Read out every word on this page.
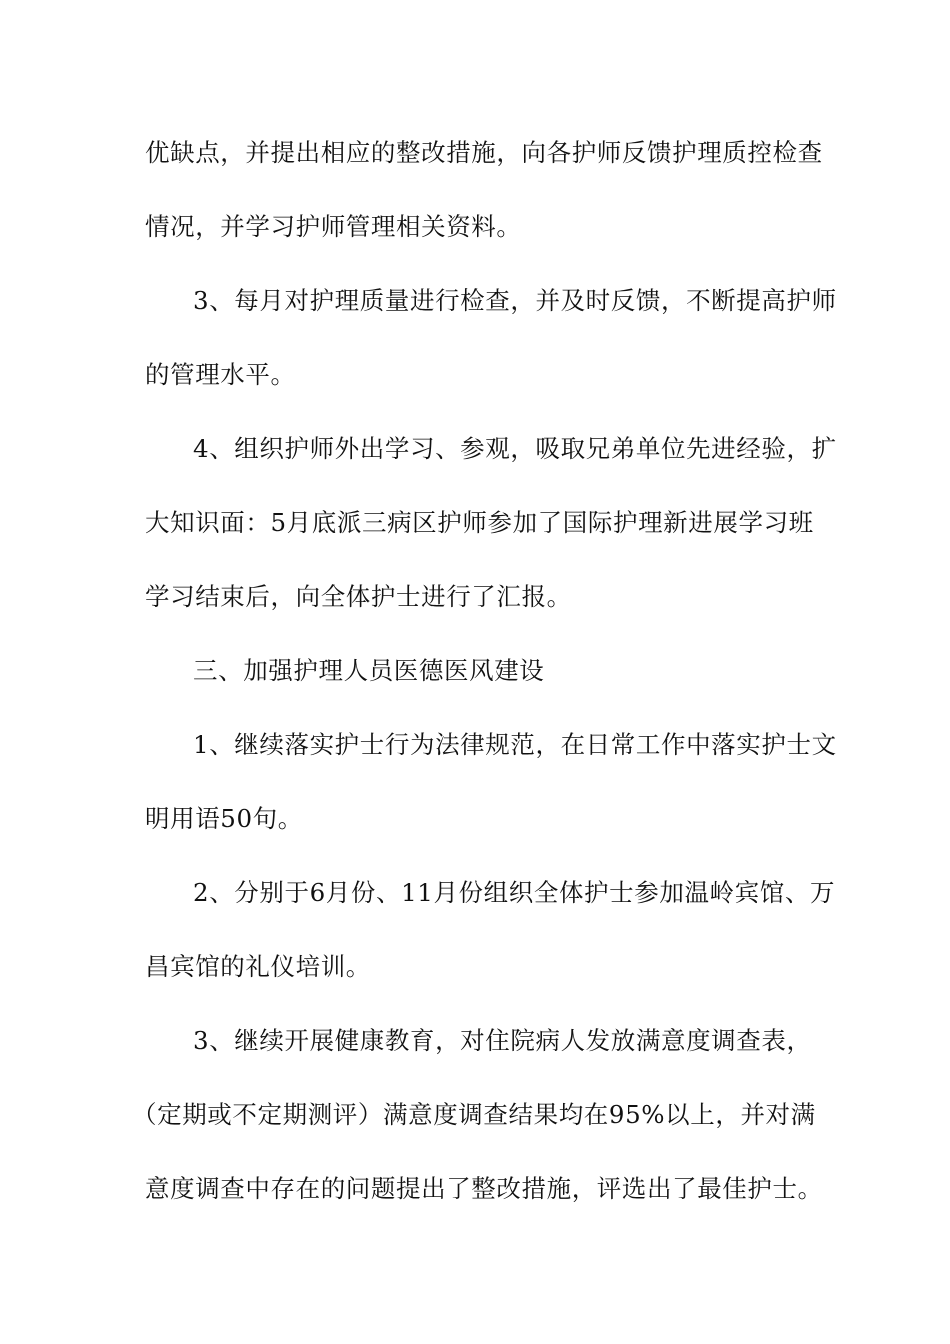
优缺点，并提出相应的整改措施，向各护师反馈护理质控检查
情况，并学习护师管理相关资料。
3、每月对护理质量进行检查，并及时反馈，不断提高护师
的管理水平。
4、组织护师外出学习、参观，吸取兄弟单位先进经验，扩
大知识面：5月底派三病区护师参加了国际护理新进展学习班
学习结束后，向全体护士进行了汇报。
三、加强护理人员医德医风建设
1、继续落实护士行为法律规范，在日常工作中落实护士文
明用语50句。
2、分别于6月份、11月份组织全体护士参加温岭宾馆、万
昌宾馆的礼仪培训。
3、继续开展健康教育，对住院病人发放满意度调查表，
（定期或不定期测评）满意度调查结果均在95%以上，并对满
意度调查中存在的问题提出了整改措施，评选出了最佳护士。
